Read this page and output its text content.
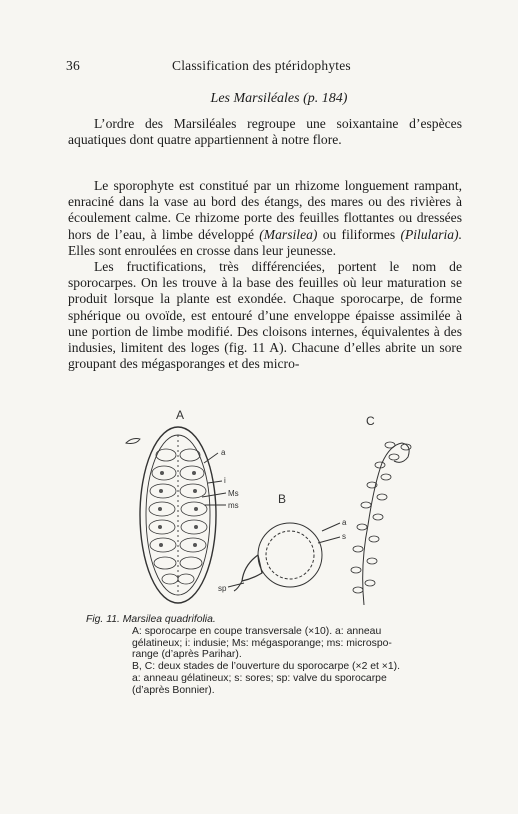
36	Classification des ptéridophytes
Les Marsiléales (p. 184)

L’ordre des Marsiléales regroupe une soixantaine d’espèces aquatiques dont quatre appartiennent à notre flore.

Le sporophyte est constitué par un rhizome longuement rampant, enraciné dans la vase au bord des étangs, des mares ou des rivières à écoulement calme. Ce rhizome porte des feuilles flottantes ou dressées hors de l’eau, à limbe développé (Marsilea) ou filiformes (Pilularia). Elles sont enroulées en crosse dans leur jeunesse.

Les fructifications, très différenciées, portent le nom de sporocarpes. On les trouve à la base des feuilles où leur maturation se produit lorsque la plante est exondée. Chaque sporocarpe, de forme sphérique ou ovoïde, est entouré d’une enveloppe épaisse assimilée à une portion de limbe modifié. Des cloisons internes, équivalentes à des indusies, limitent des loges (fig. 11 A). Chacune d’elles abrite un sore groupant des mégasporanges et des micro-

A
a
i
Ms
ms	B
a
s
sp
C
Fig. 11. Marsilea quadrifolia.
A: sporocarpe en coupe transversale (×10). a: anneau
gélatineux; i: indusie; Ms: mégasporange; ms: microspo-
range (d’après Parihar).
B, C: deux stades de l’ouverture du sporocarpe (×2 et ×1).
a: anneau gélatineux; s: sores; sp: valve du sporocarpe
(d’après Bonnier).
